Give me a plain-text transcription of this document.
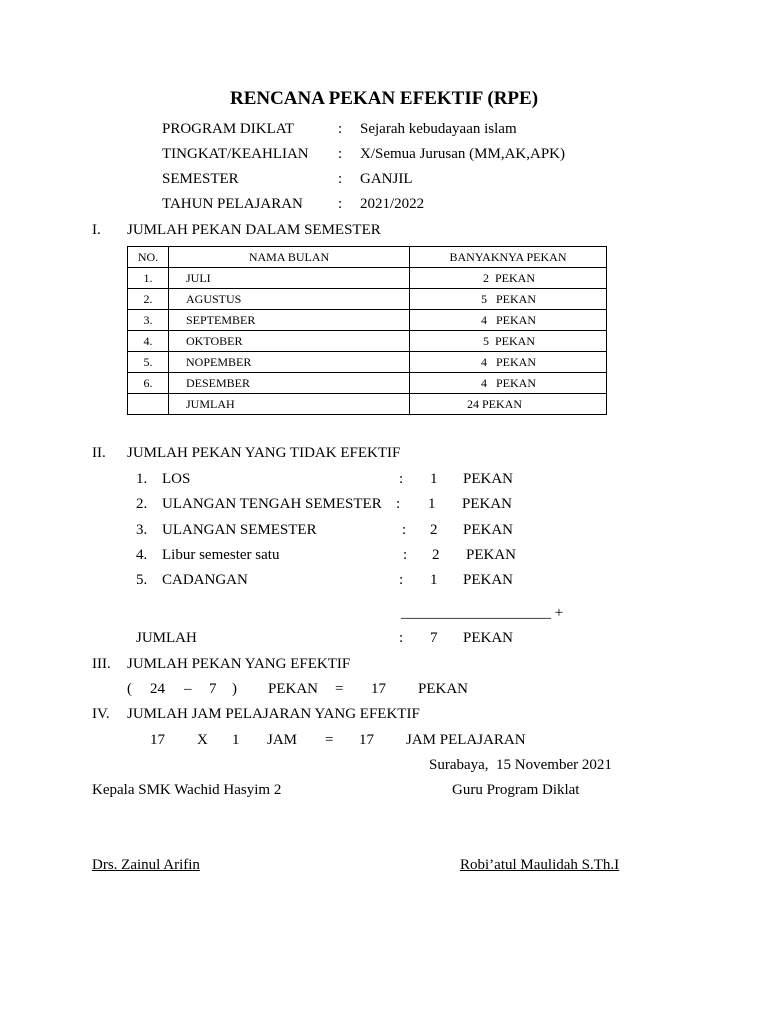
RENCANA PEKAN EFEKTIF (RPE)
PROGRAM DIKLAT	:	Sejarah kebudayaan islam
TINGKAT/KEAHLIAN	:	X/Semua Jurusan (MM,AK,APK)
SEMESTER	:	GANJIL
TAHUN PELAJARAN	:	2021/2022
I. JUMLAH PEKAN DALAM SEMESTER
NO.	NAMA BULAN	BANYAKNYA PEKAN
1.	JULI	2  PEKAN
2.	AGUSTUS	5   PEKAN
3.	SEPTEMBER	4   PEKAN
4.	OKTOBER	5  PEKAN
5.	NOPEMBER	4   PEKAN
6.	DESEMBER	4   PEKAN
	JUMLAH	24 PEKAN
II. JUMLAH PEKAN YANG TIDAK EFEKTIF
1. LOS	: 1 PEKAN
2. ULANGAN TENGAH SEMESTER : 1 PEKAN
3. ULANGAN SEMESTER	: 2 PEKAN
4. Libur semester satu	: 2 PEKAN
5. CADANGAN	: 1 PEKAN
____________________ +
JUMLAH	: 7 PEKAN
III. JUMLAH PEKAN YANG EFEKTIF
( 24 – 7 ) PEKAN = 17 PEKAN
IV. JUMLAH JAM PELAJARAN YANG EFEKTIF
17 X 1 JAM = 17 JAM PELAJARAN
Surabaya,  15 November 2021
Kepala SMK Wachid Hasyim 2	Guru Program Diklat
Drs. Zainul Arifin	Robi’atul Maulidah S.Th.I
